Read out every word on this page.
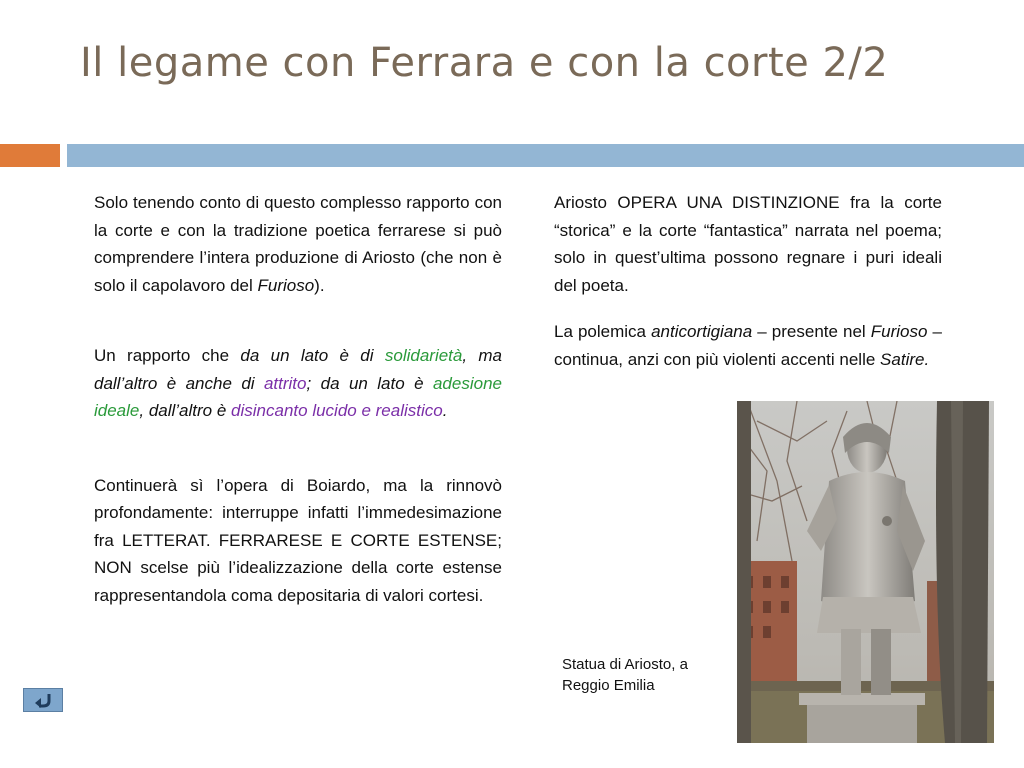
Il legame con Ferrara e con la corte 2/2

Solo tenendo conto di questo complesso rapporto con la corte e con la tradizione poetica ferrarese si può comprendere l’intera produzione di Ariosto (che non è solo il capolavoro del Furioso).

Un rapporto che da un lato è di solidarietà, ma dall’altro è anche di attrito; da un lato è adesione ideale, dall’altro è disincanto lucido e realistico.

Continuerà sì l’opera di Boiardo, ma la rinnovò profondamente: interruppe infatti l’immedesimazione fra LETTERAT. FERRARESE E CORTE ESTENSE; NON scelse più l’idealizzazione della corte estense rappresentandola coma depositaria di valori cortesi.

Ariosto OPERA UNA DISTINZIONE fra la corte “storica” e la corte “fantastica” narrata nel poema; solo in quest’ultima possono regnare i puri ideali del poeta.

La polemica anticortigiana – presente nel Furioso – continua, anzi con più violenti accenti nelle Satire.

Statua di Ariosto, a Reggio Emilia
